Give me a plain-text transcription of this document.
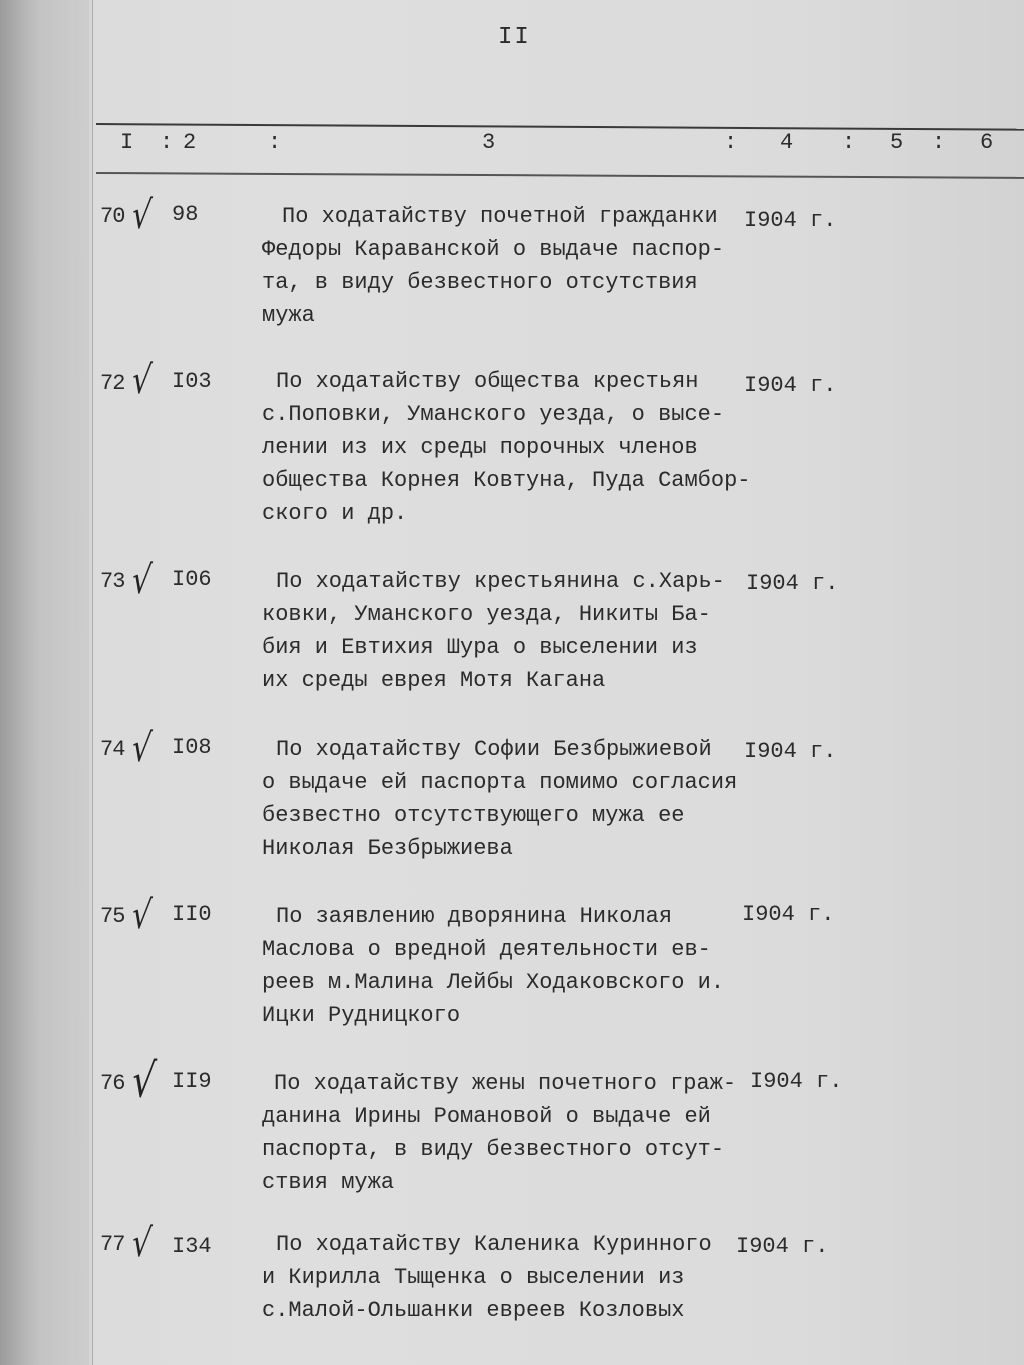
II
I : 2	:	3	: 4 : 5 : 6
70 √ 98	По ходатайству почетной гражданки
Федоры Караванской о выдаче паспор-
та, в виду безвестного отсутствия
мужа
I904 г.
72 √ I03	По ходатайству общества крестьян
с.Поповки, Уманского уезда, о высе-
лении из их среды порочных членов
общества Корнея Ковтуна, Пуда Самбор-
ского и др.
I904 г.
73 √ I06	По ходатайству крестьянина с.Харь-
ковки, Уманского уезда, Никиты Ба-
бия и Евтихия Шура о выселении из
их среды еврея Мотя Кагана
I904 г.
74 √ I08	По ходатайству Софии Безбрыжиевой
о выдаче ей паспорта помимо согласия
безвестно отсутствующего мужа ее
Николая Безбрыжиева
I904 г.
75 √ II0	По заявлению дворянина Николая
Маслова о вредной деятельности ев-
реев м.Малина Лейбы Ходаковского и.
Ицки Рудницкого
I904 г.
76 √ II9	По ходатайству жены почетного граж-
данина Ирины Романовой о выдаче ей
паспорта, в виду безвестного отсут-
ствия мужа
I904 г.
77 √ I34	По ходатайству Каленика Куринного
и Кирилла Тыщенка о выселении из
с.Малой-Ольшанки евреев Козловых
I904 г.
